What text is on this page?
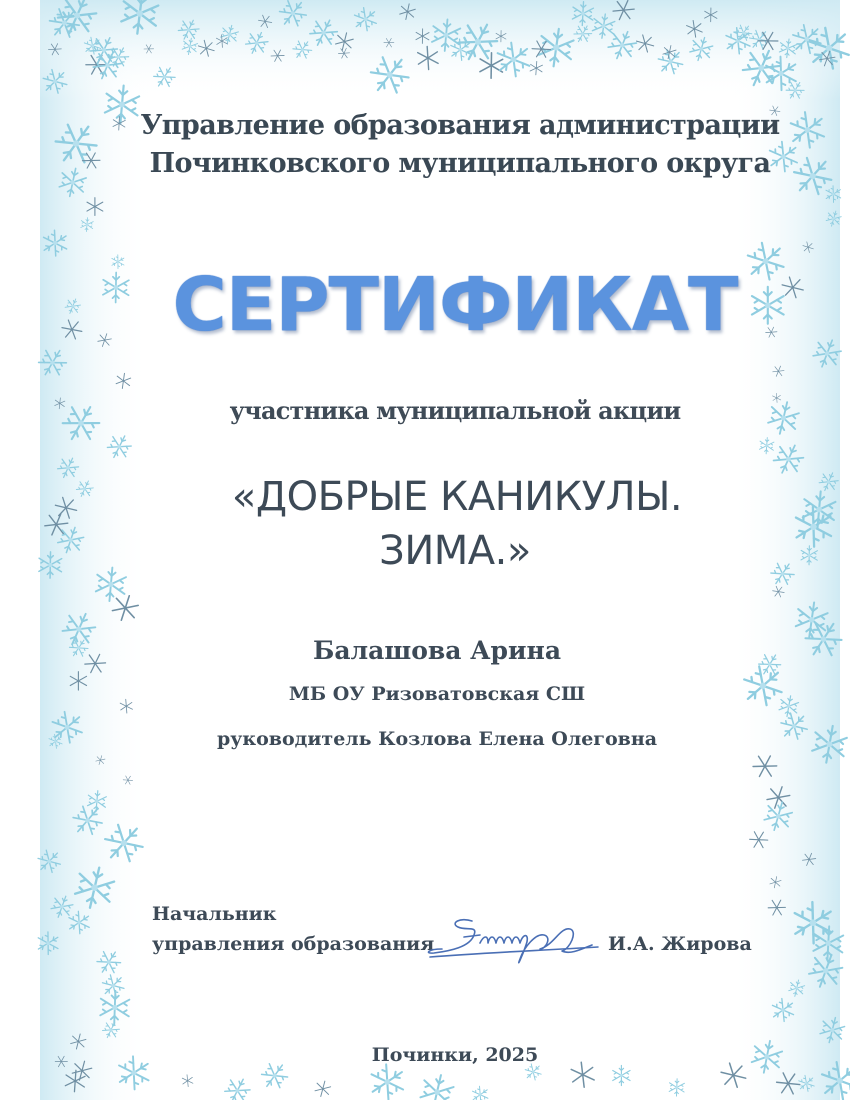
Управление образования администрации
Починковского муниципального округа
СЕРТИФИКАТ
участника муниципальной акции
«ДОБРЫЕ КАНИКУЛЫ.
ЗИМА.»
Балашова Арина
МБ ОУ Ризоватовская СШ
руководитель Козлова Елена Олеговна
Начальник
управления образования	И.А. Жирова
Починки, 2025
